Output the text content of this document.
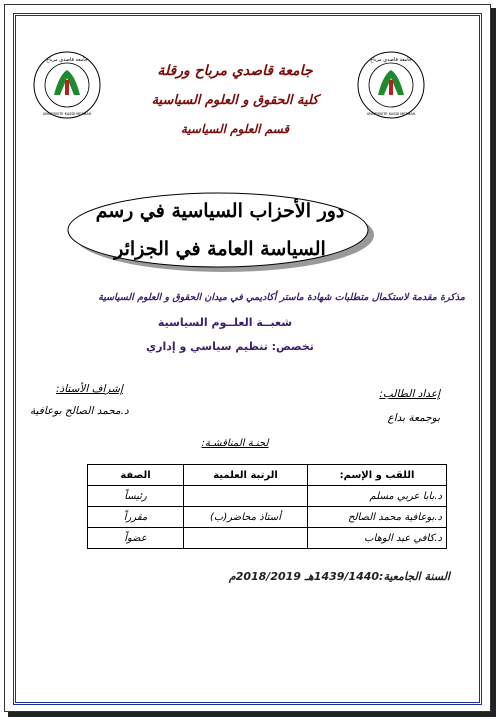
جامعة قاصدي مرباح
UNIVERSITE KASDI MERBAH
جامعة قاصدي مرباح
UNIVERSITE KASDI MERBAH
جامعة قاصدي مرباح ورقلة
كلية الحقوق و العلوم السياسية
قسم العلوم السياسية
دور الأحزاب السياسية في رسم
السياسة العامة في الجزائر
مذكرة مقدمة لاستكمال متطلبات شهادة ماستر أكاديمي في ميدان الحقوق و العلوم السياسية
شعبــة العلــوم السياسية
تخصص: تنظيم سياسي و إداري
إعداد الطالب:
إشراف الأستاذ:
بوجمعة بداع
د.محمد الصالح بوعافية
لجنـة المناقشـة:
اللقب و الإسم:	الرتبة العلمية	الصفة
د.بابا عربي مسلم		رئيساً
د.بوعافية محمد الصالح	أستاذ محاضر(ب)	مقرراً
د.كافي عبد الوهاب		عضواً
السنة الجامعية:1439/1440هـ 2018/2019م
